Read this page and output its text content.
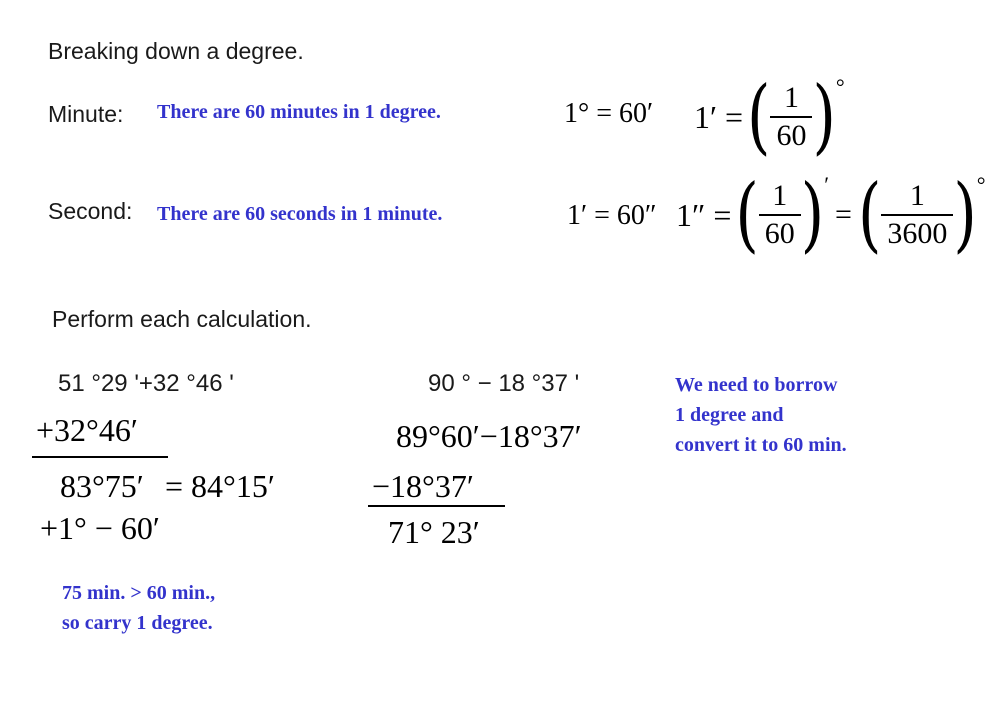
Breaking down a degree.
Minute:
Second:
Perform each calculation.
There are 60 minutes in 1 degree.
There are 60 seconds in 1 minute.
We need to borrow
1 degree and
convert it to 60 min.
75 min. > 60 min.,
so carry 1 degree.
1° = 60′ 1′ = ( $\frac{1}{60}$ ) °
1′ = 60″ 1″ = ( $\frac{1}{60}$ ) ′
= ( $\frac{1}{3600}$ ) °
51 °29 '+32 °46 '
+32°46′
83°75′ = 84°15′
+1° − 60′
90 ° − 18 °37 '
89°60′−18°37′
−18°37′
71° 23′
